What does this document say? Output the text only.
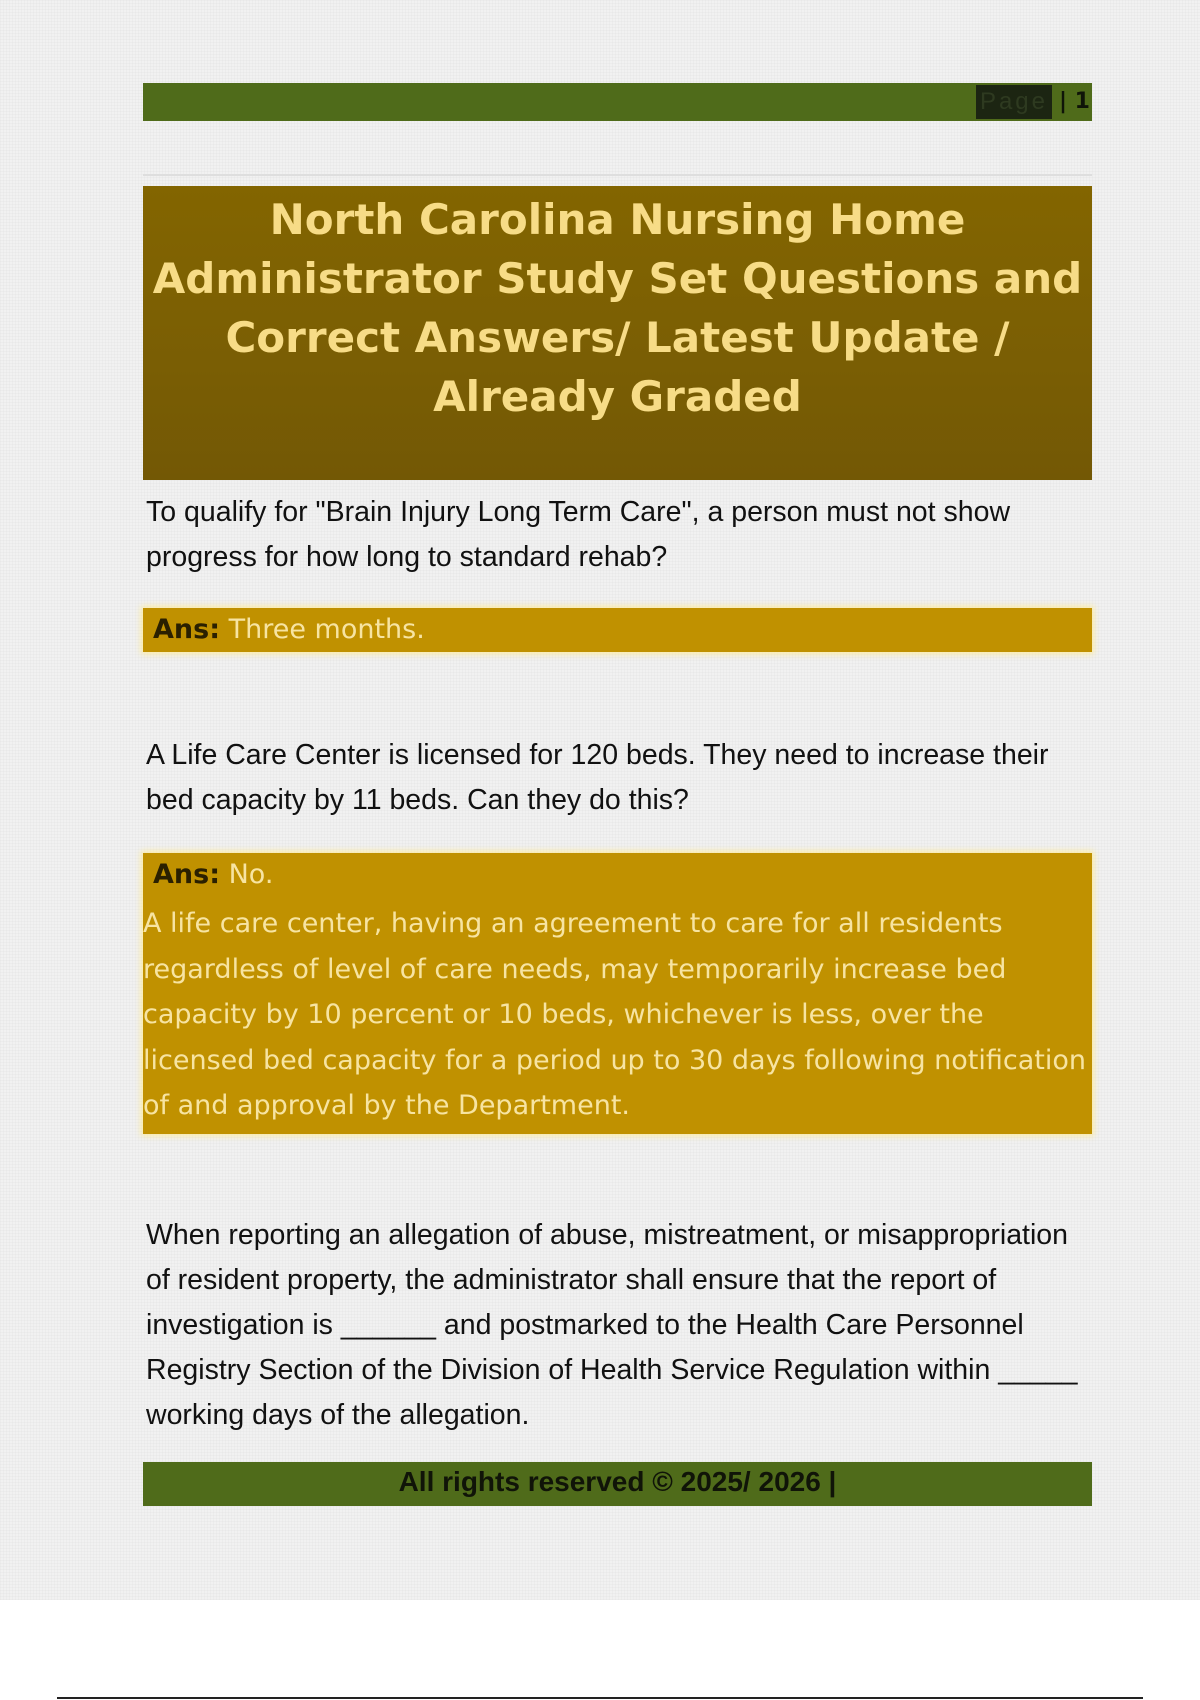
Page | 1
North Carolina Nursing Home Administrator Study Set Questions and Correct Answers/ Latest Update / Already Graded

To qualify for "Brain Injury Long Term Care", a person must not show progress for how long to standard rehab?

Ans: Three months.

A Life Care Center is licensed for 120 beds. They need to increase their bed capacity by 11 beds. Can they do this?

Ans: No.

A life care center, having an agreement to care for all residents regardless of level of care needs, may temporarily increase bed capacity by 10 percent or 10 beds, whichever is less, over the licensed bed capacity for a period up to 30 days following notification of and approval by the Department.

When reporting an allegation of abuse, mistreatment, or misappropriation of resident property, the administrator shall ensure that the report of investigation is ______ and postmarked to the Health Care Personnel Registry Section of the Division of Health Service Regulation within _____ working days of the allegation.

All rights reserved © 2025/ 2026 |
